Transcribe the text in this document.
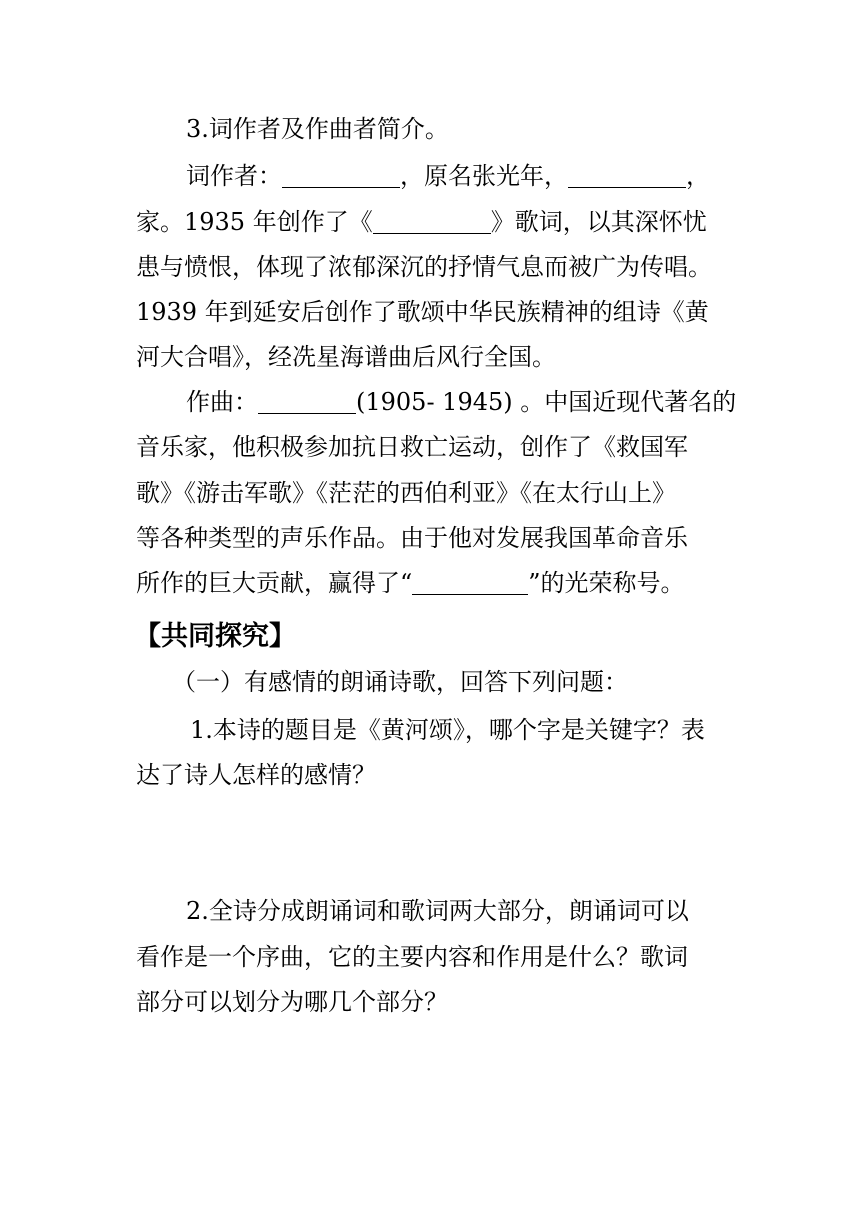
3.词作者及作曲者简介。
词作者：	，原名张光年，	，
家。1935 年创作了《	》歌词，以其深怀忧
患与愤恨，体现了浓郁深沉的抒情气息而被广为传唱。
1939 年到延安后创作了歌颂中华民族精神的组诗《黄
河大合唱》，经冼星海谱曲后风行全国。
作曲：	(1905- 1945) 。中国近现代著名的
音乐家，他积极参加抗日救亡运动，创作了《救国军
歌》《游击军歌》《茫茫的西伯利亚》《在太行山上》
等各种类型的声乐作品。由于他对发展我国革命音乐
所作的巨大贡献，赢得了“	”的光荣称号。
【共同探究】
（一）有感情的朗诵诗歌，回答下列问题：
1.本诗的题目是《黄河颂》，哪个字是关键字？表
达了诗人怎样的感情？
2.全诗分成朗诵词和歌词两大部分，朗诵词可以
看作是一个序曲，它的主要内容和作用是什么？歌词
部分可以划分为哪几个部分？
